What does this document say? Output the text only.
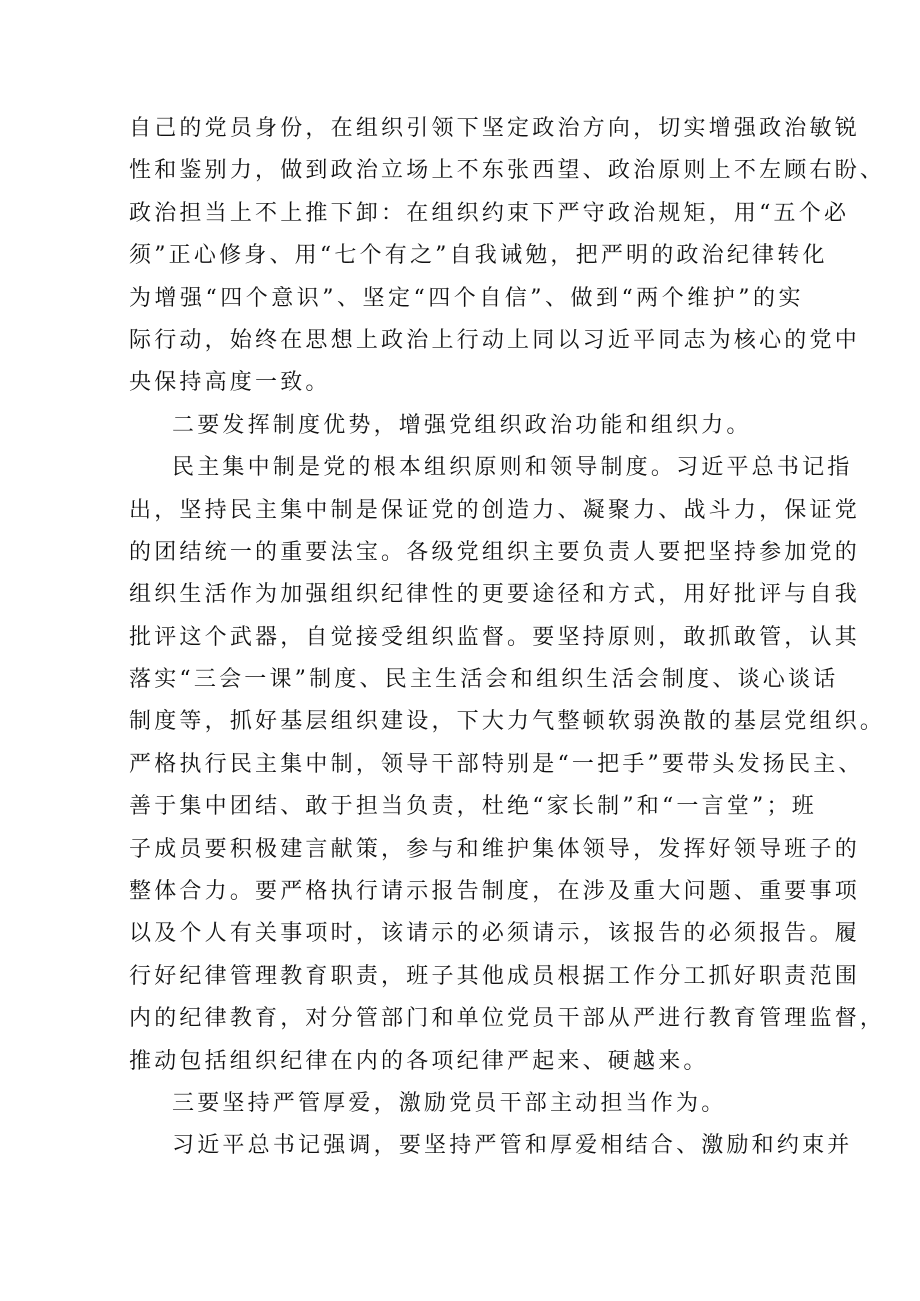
自 己 的 党 员 身 份 ， 在 组 织 引 领 下 坚 定 政 治 方 向 ， 切 实 增 强 政 治 敏 锐
性 和 鉴 别 力 ， 做 到 政 治 立 场 上 不 东 张 西 望 、 政 治 原 则 上 不 左 顾 右 盼 、
政 治 担 当 上 不 上 推 下 卸 ： 在 组 织 约 束 下 严 守 政 治 规 矩 ， 用 “ 五 个 必
须 ” 正 心 修 身 、 用 “ 七 个 有 之 ” 自 我 诫 勉 ， 把 严 明 的 政 治 纪 律 转 化
为 增 强 “ 四 个 意 识 ” 、 坚 定 “ 四 个 自 信 ” 、 做 到 “ 两 个 维 护 ” 的 实
际 行 动 ， 始 终 在 思 想 上 政 治 上 行 动 上 同 以 习 近 平 同 志 为 核 心 的 党 中
央保持高度一致。
二要发挥制度优势，增强党组织政治功能和组织力。
民 主 集 中 制 是 党 的 根 本 组 织 原 则 和 领 导 制 度 。 习 近 平 总 书 记 指
出 ， 坚 持 民 主 集 中 制 是 保 证 党 的 创 造 力 、 凝 聚 力 、 战 斗 力 ， 保 证 党
的 团 结 统 一 的 重 要 法 宝 。 各 级 党 组 织 主 要 负 责 人 要 把 坚 持 参 加 党 的
组 织 生 活 作 为 加 强 组 织 纪 律 性 的 更 要 途 径 和 方 式 ， 用 好 批 评 与 自 我
批 评 这 个 武 器 ， 自 觉 接 受 组 织 监 督 。 要 坚 持 原 则 ， 敢 抓 敢 管 ， 认 其
落 实 “ 三 会 一 课 ” 制 度 、 民 主 生 活 会 和 组 织 生 活 会 制 度 、 谈 心 谈 话
制 度 等 ， 抓 好 基 层 组 织 建 设 ， 下 大 力 气 整 顿 软 弱 涣 散 的 基 层 党 组 织 。
严 格 执 行 民 主 集 中 制 ， 领 导 干 部 特 别 是 “ 一 把 手 ” 要 带 头 发 扬 民 主 、
善 于 集 中 团 结 、 敢 于 担 当 负 责 ， 杜 绝 “ 家 长 制 ” 和 “ 一 言 堂 ” ； 班
子 成 员 要 积 极 建 言 献 策 ， 参 与 和 维 护 集 体 领 导 ， 发 挥 好 领 导 班 子 的
整 体 合 力 。 要 严 格 执 行 请 示 报 告 制 度 ， 在 涉 及 重 大 问 题 、 重 要 事 项
以 及 个 人 有 关 事 项 时 ， 该 请 示 的 必 须 请 示 ， 该 报 告 的 必 须 报 告 。 履
行 好 纪 律 管 理 教 育 职 责 ， 班 子 其 他 成 员 根 据 工 作 分 工 抓 好 职 责 范 围
内 的 纪 律 教 育 ， 对 分 管 部 门 和 单 位 党 员 干 部 从 严 进 行 教 育 管 理 监 督 ，
推动包括组织纪律在内的各项纪律严起来、硬越来。
三要坚持严管厚爱，激励党员干部主动担当作为。
习 近 平 总 书 记 强 调 ， 要 坚 持 严 管 和 厚 爱 相 结 合 、 激 励 和 约 束 并
